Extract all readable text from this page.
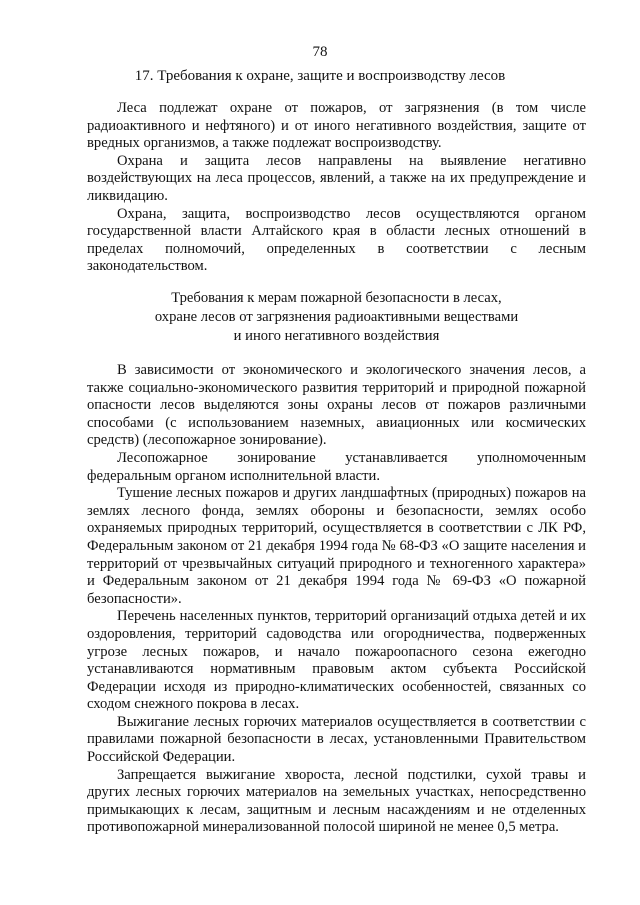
78
17. Требования к охране, защите и воспроизводству лесов

Леса подлежат охране от пожаров, от загрязнения (в том числе радиоактивного и нефтяного) и от иного негативного воздействия, защите от вредных организмов, а также подлежат воспроизводству.

Охрана и защита лесов направлены на выявление негативно воздействующих на леса процессов, явлений, а также на их предупреждение и ликвидацию.

Охрана, защита, воспроизводство лесов осуществляются органом государственной власти Алтайского края в области лесных отношений в пределах полномочий, определенных в соответствии с лесным законодательством.

Требования к мерам пожарной безопасности в лесах,
охране лесов от загрязнения радиоактивными веществами
и иного негативного воздействия

В зависимости от экономического и экологического значения лесов, а также социально-экономического развития территорий и природной пожарной опасности лесов выделяются зоны охраны лесов от пожаров различными способами (с использованием наземных, авиационных или космических средств) (лесопожарное зонирование).

Лесопожарное зонирование устанавливается уполномоченным федеральным органом исполнительной власти.

Тушение лесных пожаров и других ландшафтных (природных) пожаров на землях лесного фонда, землях обороны и безопасности, землях особо охраняемых природных территорий, осуществляется в соответствии с ЛК РФ, Федеральным законом от 21 декабря 1994 года № 68-ФЗ «О защите населения и территорий от чрезвычайных ситуаций природного и техногенного характера» и Федеральным законом от 21 декабря 1994 года № 69-ФЗ «О пожарной безопасности».

Перечень населенных пунктов, территорий организаций отдыха детей и их оздоровления, территорий садоводства или огородничества, подверженных угрозе лесных пожаров, и начало пожароопасного сезона ежегодно устанавливаются нормативным правовым актом субъекта Российской Федерации исходя из природно-климатических особенностей, связанных со сходом снежного покрова в лесах.

Выжигание лесных горючих материалов осуществляется в соответствии с правилами пожарной безопасности в лесах, установленными Правительством Российской Федерации.

Запрещается выжигание хвороста, лесной подстилки, сухой травы и других лесных горючих материалов на земельных участках, непосредственно примыкающих к лесам, защитным и лесным насаждениям и не отделенных противопожарной минерализованной полосой шириной не менее 0,5 метра.
